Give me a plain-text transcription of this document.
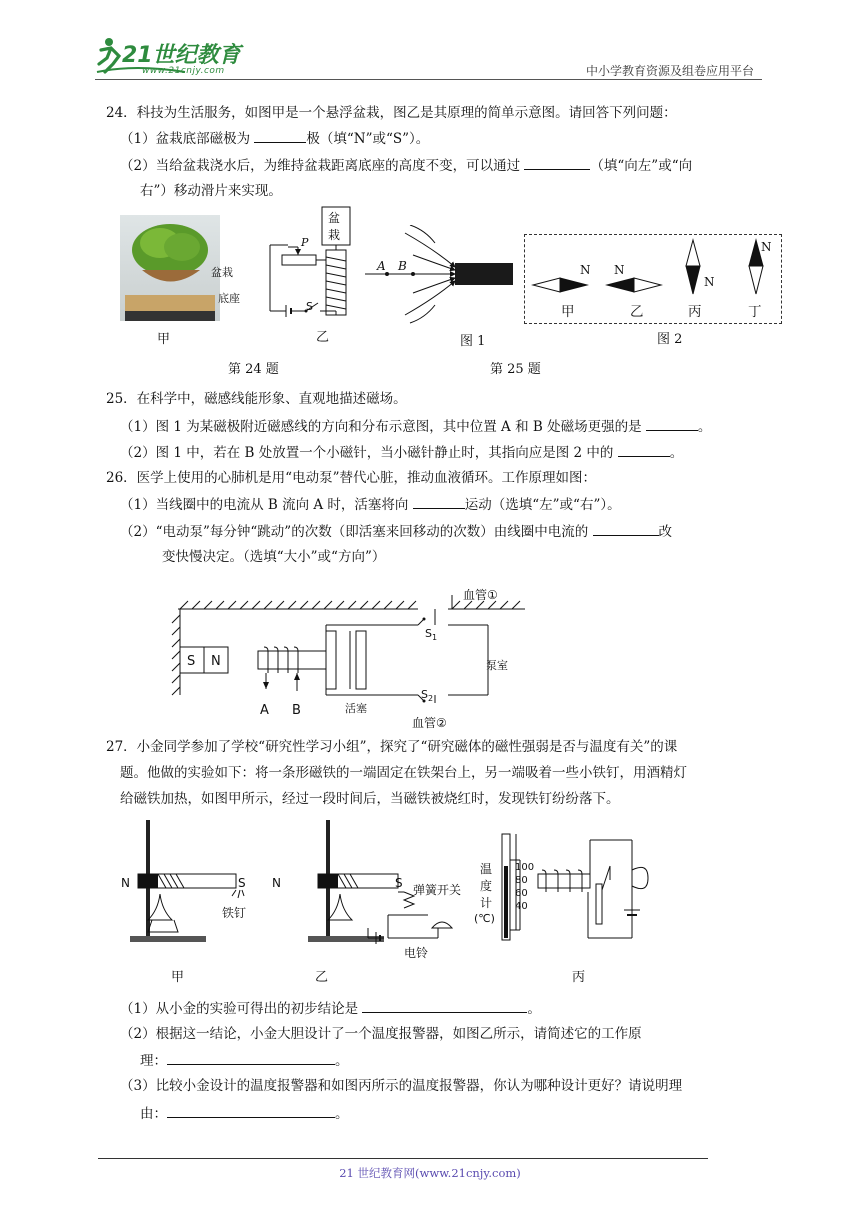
21世纪教育
www.21cnjy.com	中小学教育资源及组卷应用平台
24．科技为生活服务，如图甲是一个悬浮盆栽，图乙是其原理的简单示意图。请回答下列问题：
（1）盆栽底部磁极为	极（填“N”或“S”）。
（2）当给盆栽浇水后，为维持盆栽距离底座的高度不变，可以通过	（填“向左”或“向
右”）移动滑片来实现。
盆栽
底座
甲
盆
栽
P
S
乙
A B
图 1
N N
N
N
甲	乙	丙	丁
图 2
第 24 题	第 25 题
25．在科学中，磁感线能形象、直观地描述磁场。
（1）图 1 为某磁极附近磁感线的方向和分布示意图，其中位置 A 和 B 处磁场更强的是	。
（2）图 1 中，若在 B 处放置一个小磁针，当小磁针静止时，其指向应是图 2 中的	。
26．医学上使用的心肺机是用“电动泵”替代心脏，推动血液循环。工作原理如图：
（1）当线圈中的电流从 B 流向 A 时，活塞将向	运动（选填“左”或“右”）。
（2）“电动泵”每分钟“跳动”的次数（即活塞来回移动的次数）由线圈中电流的	改
变快慢决定。（选填“大小”或“方向”）
S N
A B
血管①
血管②
泵室
活塞
$S_1$
$S_2$
27．小金同学参加了学校“研究性学习小组”，探究了“研究磁体的磁性强弱是否与温度有关”的课
题。他做的实验如下：将一条形磁铁的一端固定在铁架台上，另一端吸着一些小铁钉，用酒精灯
给磁铁加热，如图甲所示，经过一段时间后，当磁铁被烧红时，发现铁钉纷纷落下。
N	S
铁钉
甲
N	S 弹簧开关
电铃
乙
温
度
计
(℃)
100
80
60
40
丙
（1）从小金的实验可得出的初步结论是	。
（2）根据这一结论，小金大胆设计了一个温度报警器，如图乙所示，请简述它的工作原
理：	。
（3）比较小金设计的温度报警器和如图丙所示的温度报警器，你认为哪种设计更好？请说明理
由：	。
21 世纪教育网(www.21cnjy.com)
